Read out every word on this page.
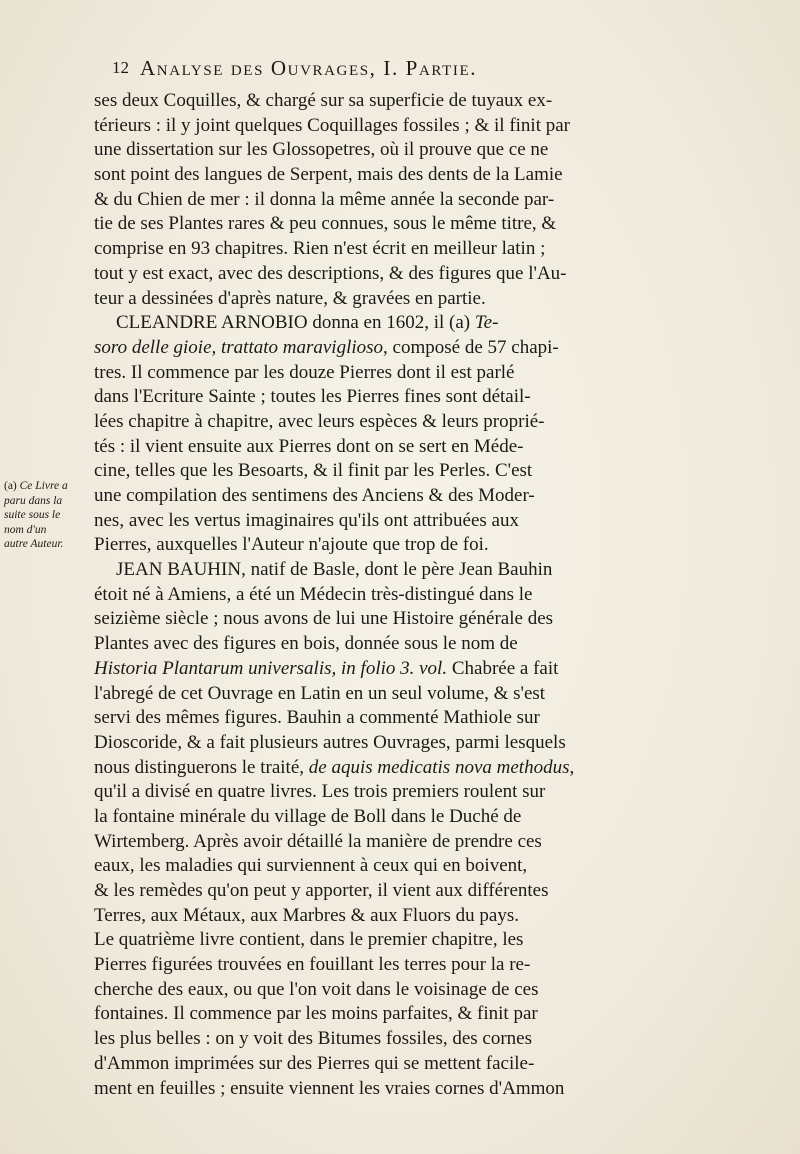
12 Analyse des Ouvrages, I. Partie.
(a) Ce Livre a paru dans la suite sous le nom d'un autre Auteur.
ses deux Coquilles, & chargé sur sa superficie de tuyaux ex-
térieurs : il y joint quelques Coquillages fossiles ; & il finit par
une dissertation sur les Glossopetres, où il prouve que ce ne
sont point des langues de Serpent, mais des dents de la Lamie
& du Chien de mer : il donna la même année la seconde par-
tie de ses Plantes rares & peu connues, sous le même titre, &
comprise en 93 chapitres. Rien n'est écrit en meilleur latin ;
tout y est exact, avec des descriptions, & des figures que l'Au-
teur a dessinées d'après nature, & gravées en partie.
CLEANDRE ARNOBIO donna en 1602, il (a) Te-
soro delle gioie, trattato maraviglioso, composé de 57 chapi-
tres. Il commence par les douze Pierres dont il est parlé
dans l'Ecriture Sainte ; toutes les Pierres fines sont détail-
lées chapitre à chapitre, avec leurs espèces & leurs proprié-
tés : il vient ensuite aux Pierres dont on se sert en Méde-
cine, telles que les Besoarts, & il finit par les Perles. C'est
une compilation des sentimens des Anciens & des Moder-
nes, avec les vertus imaginaires qu'ils ont attribuées aux
Pierres, auxquelles l'Auteur n'ajoute que trop de foi.
JEAN BAUHIN, natif de Basle, dont le père Jean Bauhin
étoit né à Amiens, a été un Médecin très-distingué dans le
seizième siècle ; nous avons de lui une Histoire générale des
Plantes avec des figures en bois, donnée sous le nom de
Historia Plantarum universalis, in folio 3. vol. Chabrée a fait
l'abregé de cet Ouvrage en Latin en un seul volume, & s'est
servi des mêmes figures. Bauhin a commenté Mathiole sur
Dioscoride, & a fait plusieurs autres Ouvrages, parmi lesquels
nous distinguerons le traité, de aquis medicatis nova methodus,
qu'il a divisé en quatre livres. Les trois premiers roulent sur
la fontaine minérale du village de Boll dans le Duché de
Wirtemberg. Après avoir détaillé la manière de prendre ces
eaux, les maladies qui surviennent à ceux qui en boivent,
& les remèdes qu'on peut y apporter, il vient aux différentes
Terres, aux Métaux, aux Marbres & aux Fluors du pays.
Le quatrième livre contient, dans le premier chapitre, les
Pierres figurées trouvées en fouillant les terres pour la re-
cherche des eaux, ou que l'on voit dans le voisinage de ces
fontaines. Il commence par les moins parfaites, & finit par
les plus belles : on y voit des Bitumes fossiles, des cornes
d'Ammon imprimées sur des Pierres qui se mettent facile-
ment en feuilles ; ensuite viennent les vraies cornes d'Ammon
